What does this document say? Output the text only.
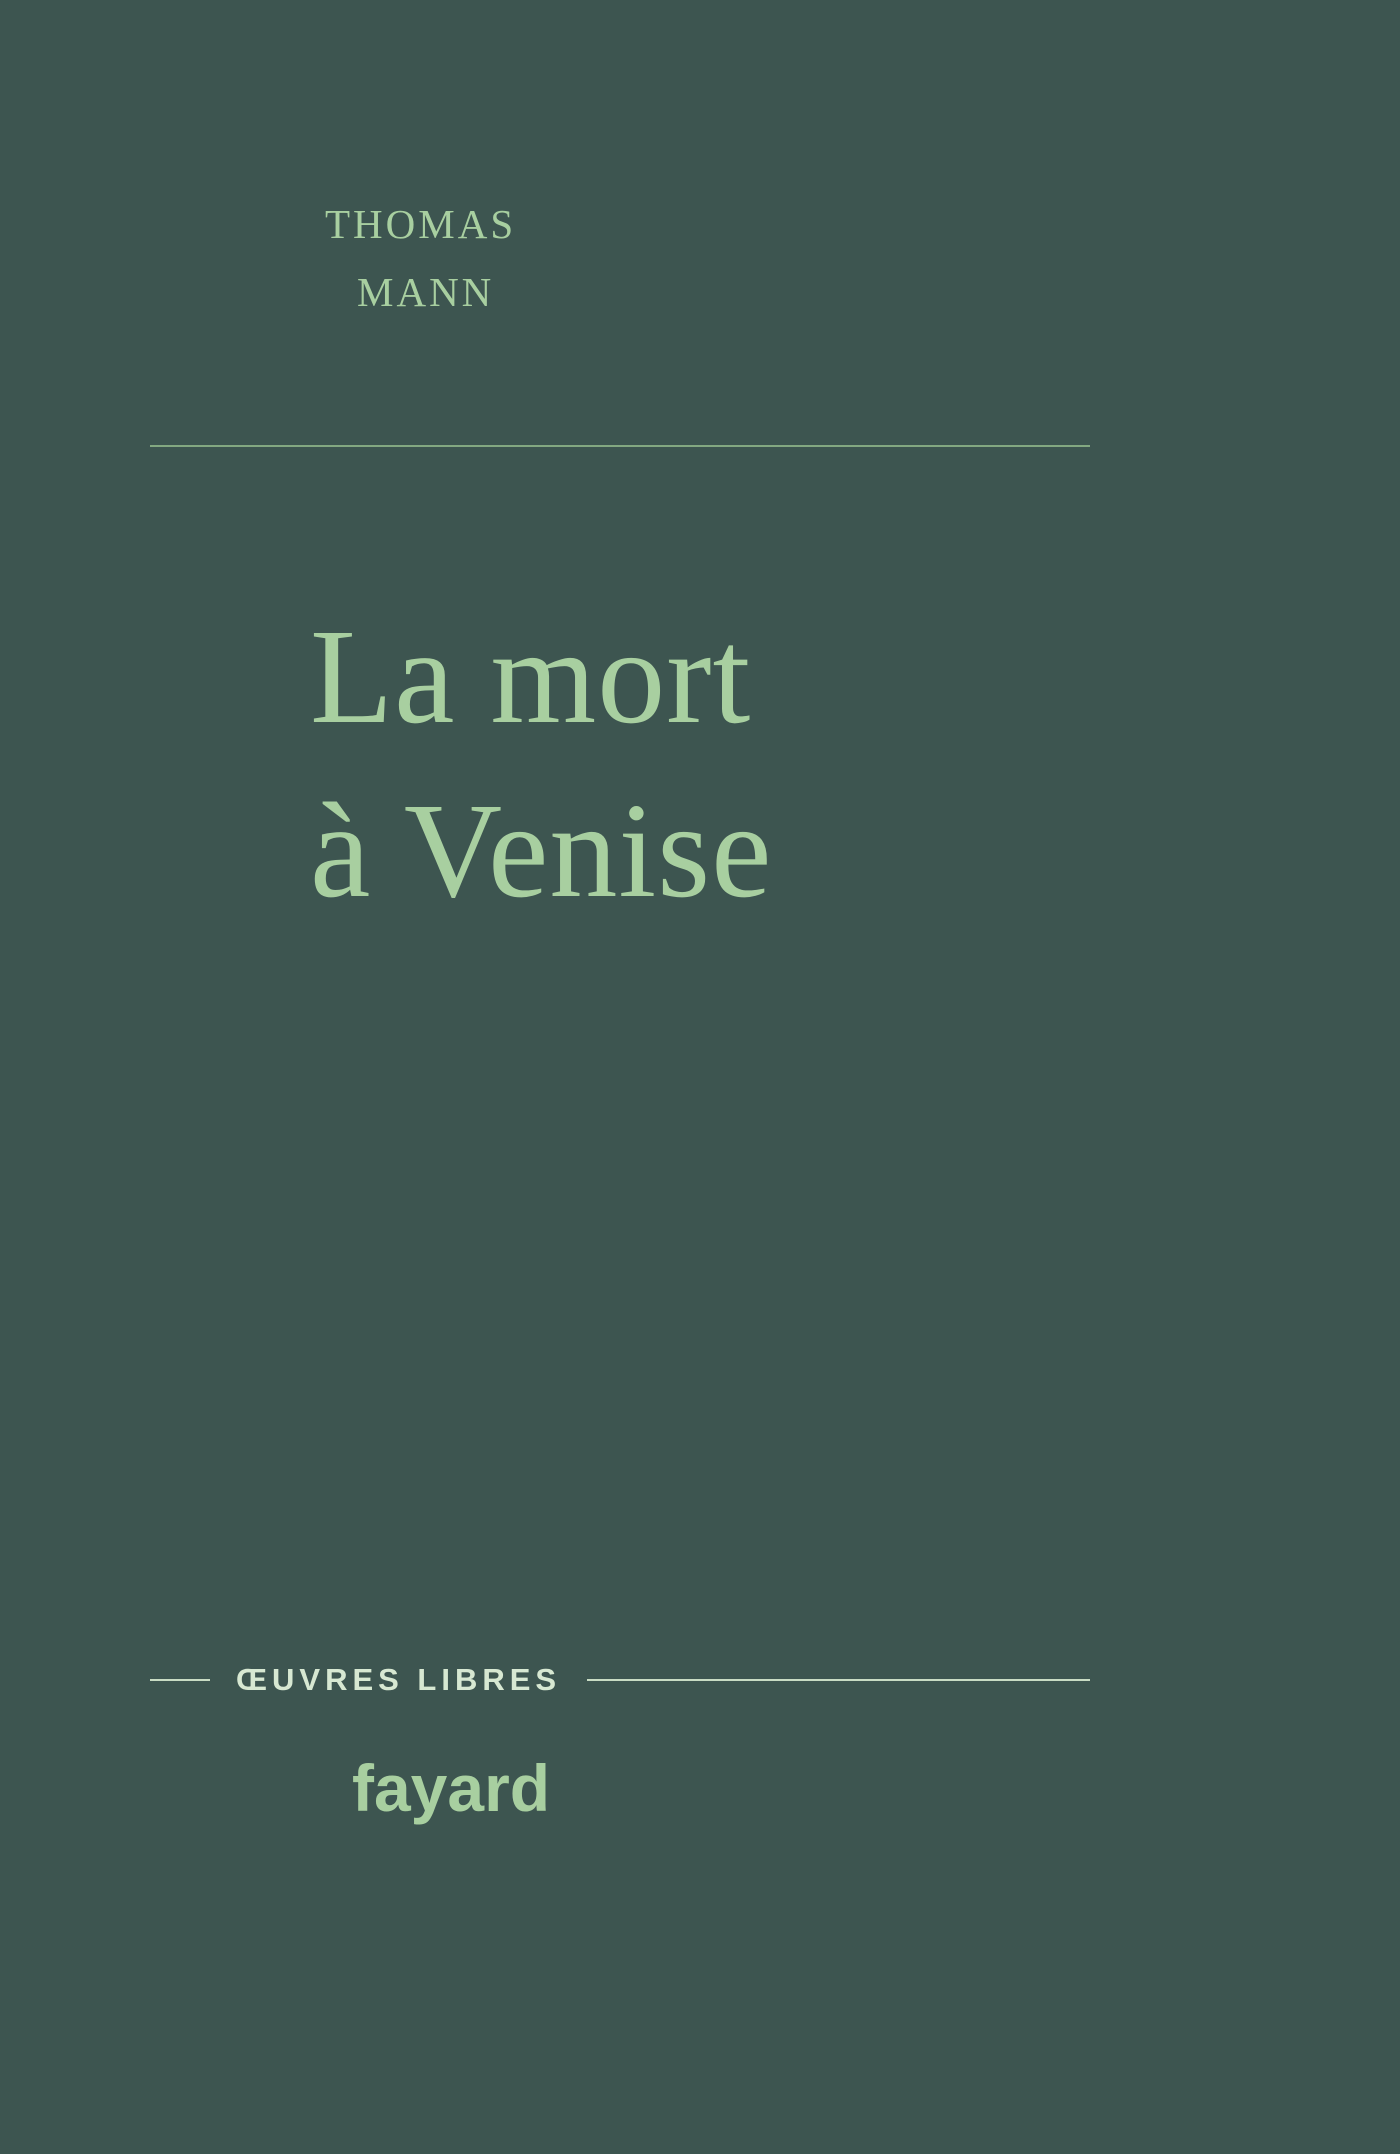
thomas
mann
La mort
à Venise
ŒUVRES LIBRES
fayard
